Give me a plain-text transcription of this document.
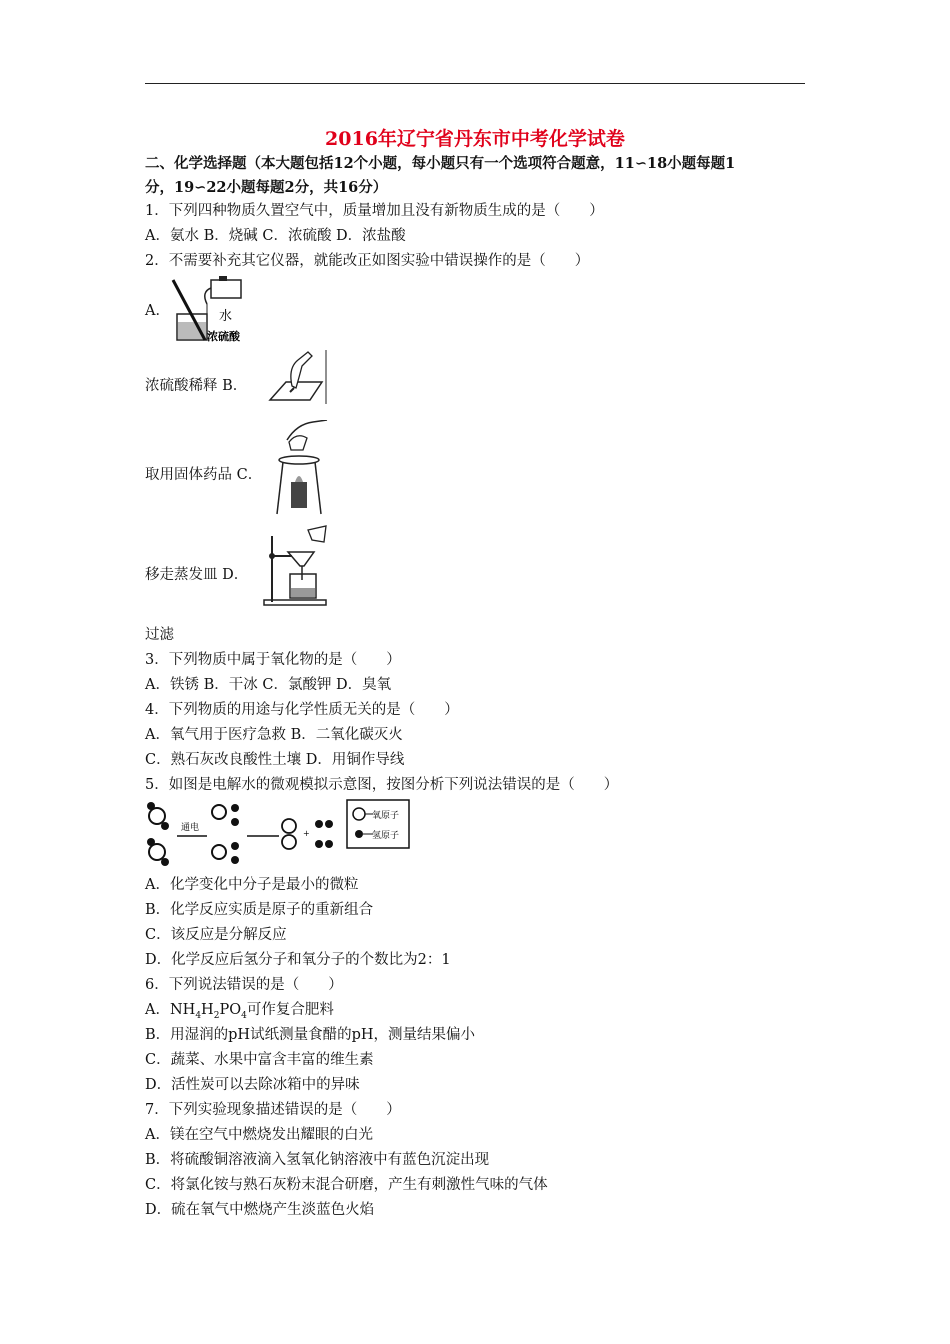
2016年辽宁省丹东市中考化学试卷
二、化学选择题（本大题包括12个小题，每小题只有一个选项符合题意，11∽18小题每题1
分，19∽22小题每题2分，共16分）
1．下列四种物质久置空气中，质量增加且没有新物质生成的是（　　）
A．氨水 B．烧碱 C．浓硫酸 D．浓盐酸
2．不需要补充其它仪器，就能改正如图实验中错误操作的是（　　）
A．	水
浓硫酸
浓硫酸稀释 B．
取用固体药品 C．
移走蒸发皿 D．
过滤
3．下列物质中属于氧化物的是（　　）
A．铁锈 B．干冰 C．氯酸钾 D．臭氧
4．下列物质的用途与化学性质无关的是（　　）
A．氧气用于医疗急救 B．二氧化碳灭火
C．熟石灰改良酸性土壤 D．用铜作导线
5．如图是电解水的微观模拟示意图，按图分析下列说法错误的是（　　）
通电
+
氧原子
氢原子
A．化学变化中分子是最小的微粒
B．化学反应实质是原子的重新组合
C．该反应是分解反应
D．化学反应后氢分子和氧分子的个数比为2：1
6．下列说法错误的是（　　）
A．$NH_4H_2PO_4$可作复合肥料
B．用湿润的pH试纸测量食醋的pH，测量结果偏小
C．蔬菜、水果中富含丰富的维生素
D．活性炭可以去除冰箱中的异味
7．下列实验现象描述错误的是（　　）
A．镁在空气中燃烧发出耀眼的白光
B．将硫酸铜溶液滴入氢氧化钠溶液中有蓝色沉淀出现
C．将氯化铵与熟石灰粉末混合研磨，产生有刺激性气味的气体
D．硫在氧气中燃烧产生淡蓝色火焰
